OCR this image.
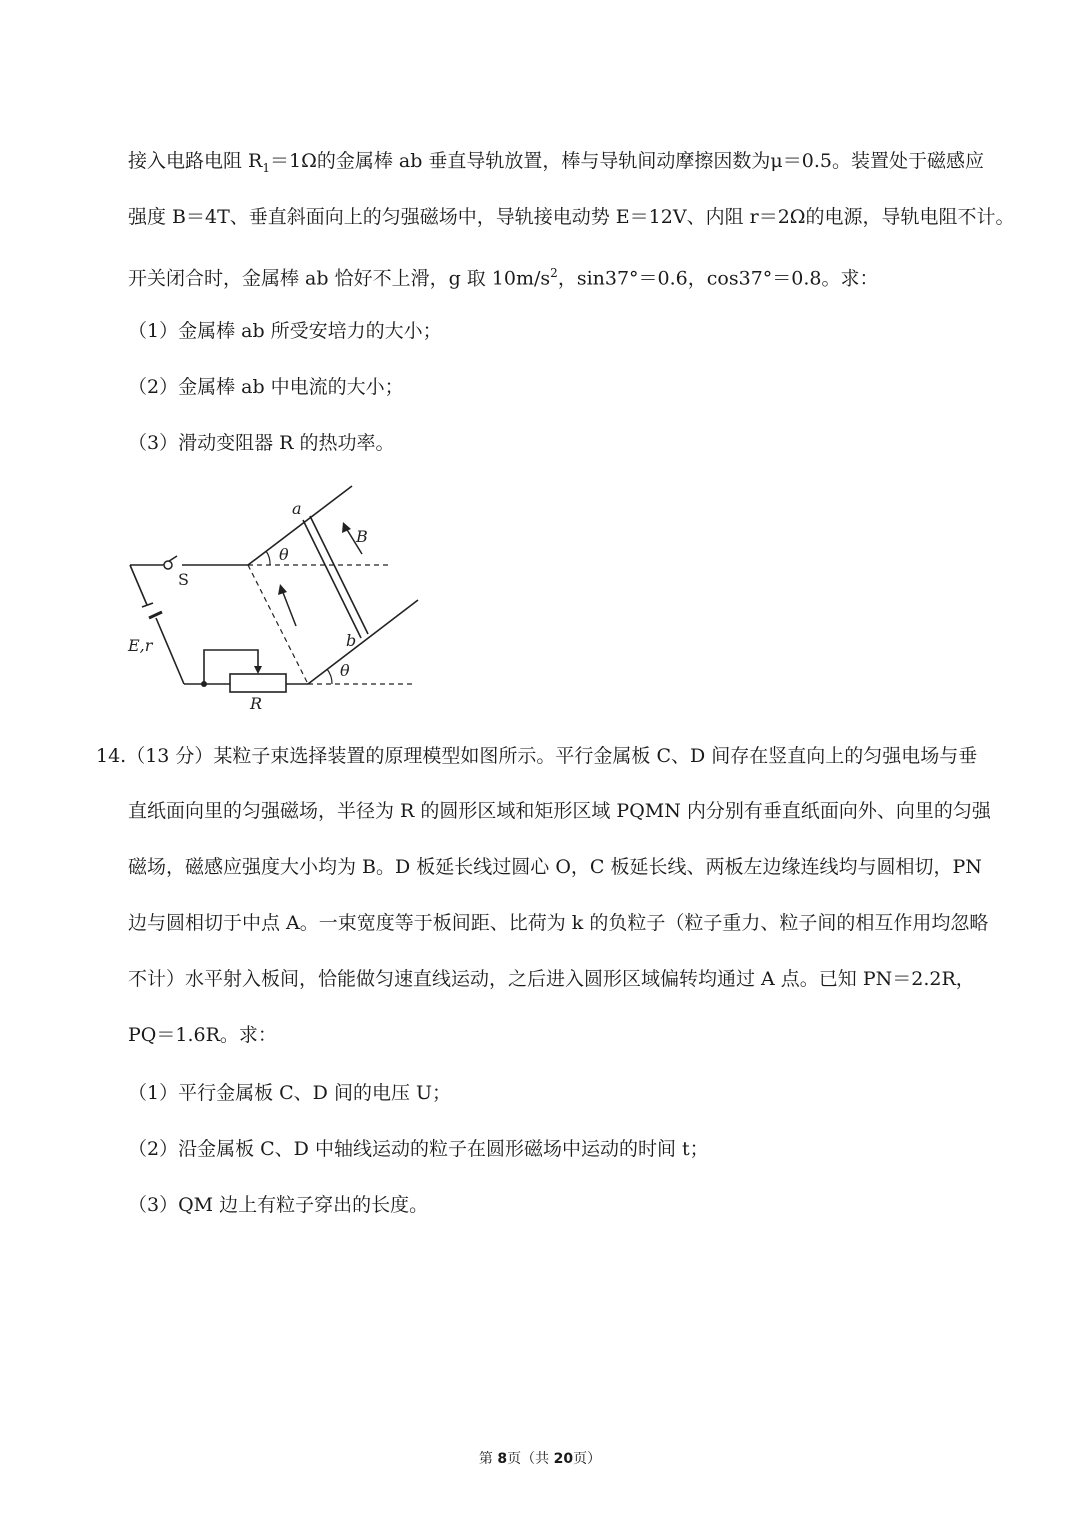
接入电路电阻 $R_1=1\Omega$的金属棒 ab 垂直导轨放置，棒与导轨间动摩擦因数为μ＝0.5。装置处于磁感应
强度 B＝4T、垂直斜面向上的匀强磁场中，导轨接电动势 E＝12V、内阻 r＝2Ω的电源，导轨电阻不计。
开关闭合时，金属棒 ab 恰好不上滑，g 取 $10m/s^2$，sin37°＝0.6，cos37°＝0.8。求：
（1）金属棒 ab 所受安培力的大小；
（2）金属棒 ab 中电流的大小；
（3）滑动变阻器 R 的热功率。
a
B
θ
b
θ
E,r
R
S
14.（13 分）某粒子束选择装置的原理模型如图所示。平行金属板 C、D 间存在竖直向上的匀强电场与垂
直纸面向里的匀强磁场，半径为 R 的圆形区域和矩形区域 PQMN 内分别有垂直纸面向外、向里的匀强
磁场，磁感应强度大小均为 B。D 板延长线过圆心 O，C 板延长线、两板左边缘连线均与圆相切，PN
边与圆相切于中点 A。一束宽度等于板间距、比荷为 k 的负粒子（粒子重力、粒子间的相互作用均忽略
不计）水平射入板间，恰能做匀速直线运动，之后进入圆形区域偏转均通过 A 点。已知 PN＝2.2R，
PQ＝1.6R。求：
（1）平行金属板 C、D 间的电压 U；
（2）沿金属板 C、D 中轴线运动的粒子在圆形磁场中运动的时间 t；
（3）QM 边上有粒子穿出的长度。
第 8页（共 20页）
